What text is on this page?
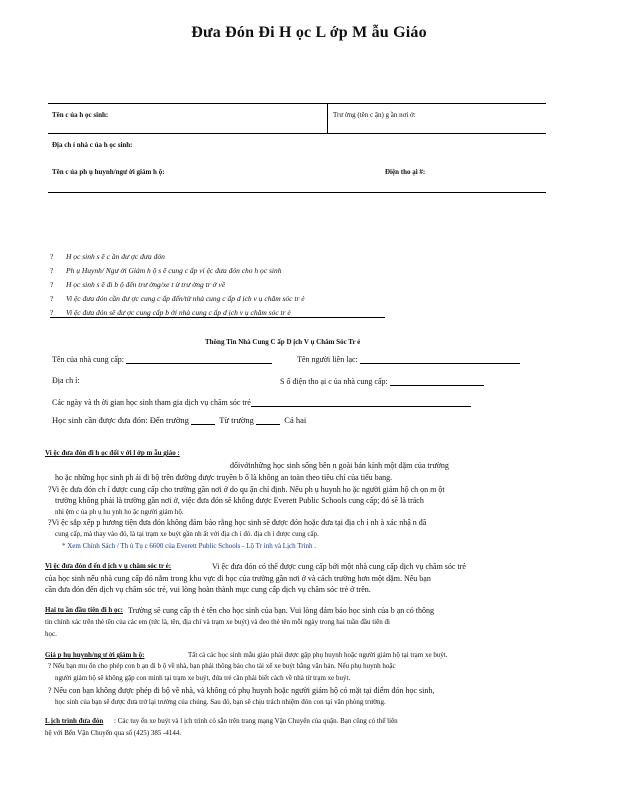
Đưa Đón Đi H ọc L ớp M ẫu Giáo
Tên c ủa h ọc sinh:	Trư ờng (tên c ận) g ần nơi ở:
Địa ch ỉ nhà c ủa h ọc sinh:
Tên c ủa ph ụ huynh/ngư ời giám h ộ:	Điện tho ại #:
? H ọc sinh s ẽ c ần đư ợc đưa đón
? Ph ụ Huynh/ Ngư ời Giám h ộ s ẽ cung c ấp vi ệc đưa đón cho h ọc sinh
? H ọc sinh s ẽ đi b ộ đến trư ờng/xe t ừ trư ờng tr ở về
? Vi ệc đưa đón cần đư ợc cung c ấp đến/từ nhà cung c ấp d ịch v ụ chăm sóc tr ẻ
? Vi ệc đưa đón sẽ đư ợc cung cấp b ởi nhà cung c ấp d ịch v ụ chăm sóc tr ẻ
Thông Tin Nhà Cung C ấp D ịch V ụ Chăm Sóc Tr ẻ
Tên của nhà cung cấp:	Tên người liên lạc:
Địa ch ỉ:	S ố điện tho ại c ủa nhà cung cấp:
Các ngày và th ời gian học sinh tham gia dịch vụ chăm sóc trẻ
Học sinh cần được đưa đón: Đến trường	Từ trường	Cả hai
Vi ệc đưa đón đi h ọc đối v ới l ớp m ẫu giáo :
đốivớinhững học sinh sống bên n goài bán kính một dặm của trường
ho ặc những học sinh ph ải đi bộ trên đường được truyền b ố là không an toàn theo tiêu chí của tiểu bang.
?Vi ệc đưa đón ch ỉ được cung cấp cho trường gần nơi ở do qu ận chỉ định. Nếu ph ụ huynh ho ặc người giám hộ ch ọn m ột
trường không phải là trường gần nơi ở, việc đưa đón sẽ không được Everett Public Schools cung cấp; đó sẽ là trách
nhi ệm c ủa ph ụ hu ynh ho ặc người giám hộ.
?Vi ệc sắp xếp p hương tiện đưa đón không đảm bảo rằng học sinh sẽ được đón hoặc đưa tại địa ch ỉ nh à xác nhậ n đã
cung cấp, mà thay vào đó, là tại trạm xe buýt gần nh ất với địa ch ỉ đó. địa ch ỉ được cung cấp.
* Xem Chính Sách / Th ủ Tụ c 6600 của Everett Public Schools - Lộ Tr ình và Lịch Trình .
Vi ệc đưa đón đ ến d ịch v ụ chăm sóc tr ẻ:	Vi ệc đưa đón có thể được cung cấp bởi một nhà cung cấp dịch vụ chăm sóc trẻ
của học sinh nếu nhà cung cấp đó nằm trong khu vực đi học của trường gần nơi ở và cách trường hơn một dặm. Nếu bạn
cần đưa đón đến dịch vụ chăm sóc trẻ, vui lòng hoàn thành mục cung cấp dịch vụ chăm sóc trẻ ở trên.
Hai tu ần đầu tiên đi h ọc: Trường sẽ cung cấp th ẻ tên cho học sinh của bạn. Vui lòng đảm bảo học sinh của b ạn có thông
tin chính xác trên thẻ tên của các em (tức là, tên, địa chỉ và trạm xe buýt) và đeo thẻ tên mỗi ngày trong hai tuần đầu tiên đi
học.
Giá p hụ huynh/ng ư ời giám h ộ:	Tất cả các học sinh mẫu giáo phải được gặp phụ huynh hoặc người giám hộ tại trạm xe buýt.
? Nếu bạn mu ốn cho phép con b ạn đi b ộ về nhà, bạn phải thông báo cho tài xế xe buýt bằng văn bản. Nếu phụ huynh hoặc
người giám hộ sẽ không gặp con mình tại trạm xe buýt, đứa trẻ cần phải biết cách về nhà từ trạm xe buýt.
? Nếu con bạn không được phép đi bộ về nhà, và không có phụ huynh hoặc người giám hộ có mặt tại điểm đón học sinh,
học sinh của bạn sẽ được đưa trở lại trường của chúng. Sau đó, bạn sẽ chịu trách nhiệm đón con tại văn phòng trường.
L ịch trình đưa đón : Các tuy ến xe buýt và l ịch trình có sẵn trên trang mạng Vận Chuyển của quận. Bạn cũng có thể liên
hệ với Bến Vận Chuyển qua số (425) 385 -4144.
